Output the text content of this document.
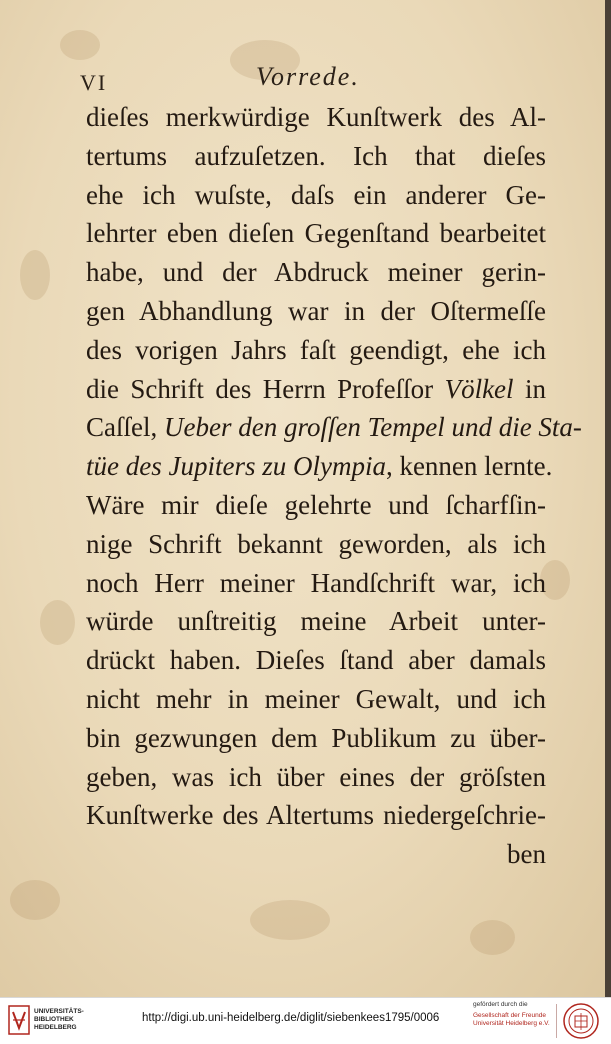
VI	Vorrede.
dieſes merkwürdige Kunſtwerk des Al-
tertums aufzuſetzen. Ich that dieſes
ehe ich wuſste, daſs ein anderer Ge-
lehrter eben dieſen Gegenſtand bearbeitet
habe, und der Abdruck meiner gerin-
gen Abhandlung war in der Oſtermeſſe
des vorigen Jahrs faſt geendigt, ehe ich
die Schrift des Herrn Profeſſor Völkel in
Caſſel, Ueber den groſſen Tempel und die Sta-
tüe des Jupiters zu Olympia, kennen lernte.
Wäre mir dieſe gelehrte und ſcharfſin-
nige Schrift bekannt geworden, als ich
noch Herr meiner Handſchrift war, ich
würde unſtreitig meine Arbeit unter-
drückt haben. Dieſes ſtand aber damals
nicht mehr in meiner Gewalt, und ich
bin gezwungen dem Publikum zu über-
geben, was ich über eines der gröſsten
Kunſtwerke des Altertums niedergeſchrie-
ben
UNIVERSITÄTS-
BIBLIOTHEK
HEIDELBERG
http://digi.ub.uni-heidelberg.de/diglit/siebenkees1795/0006
gefördert durch die
Gesellschaft der Freunde
Universität Heidelberg e.V.
